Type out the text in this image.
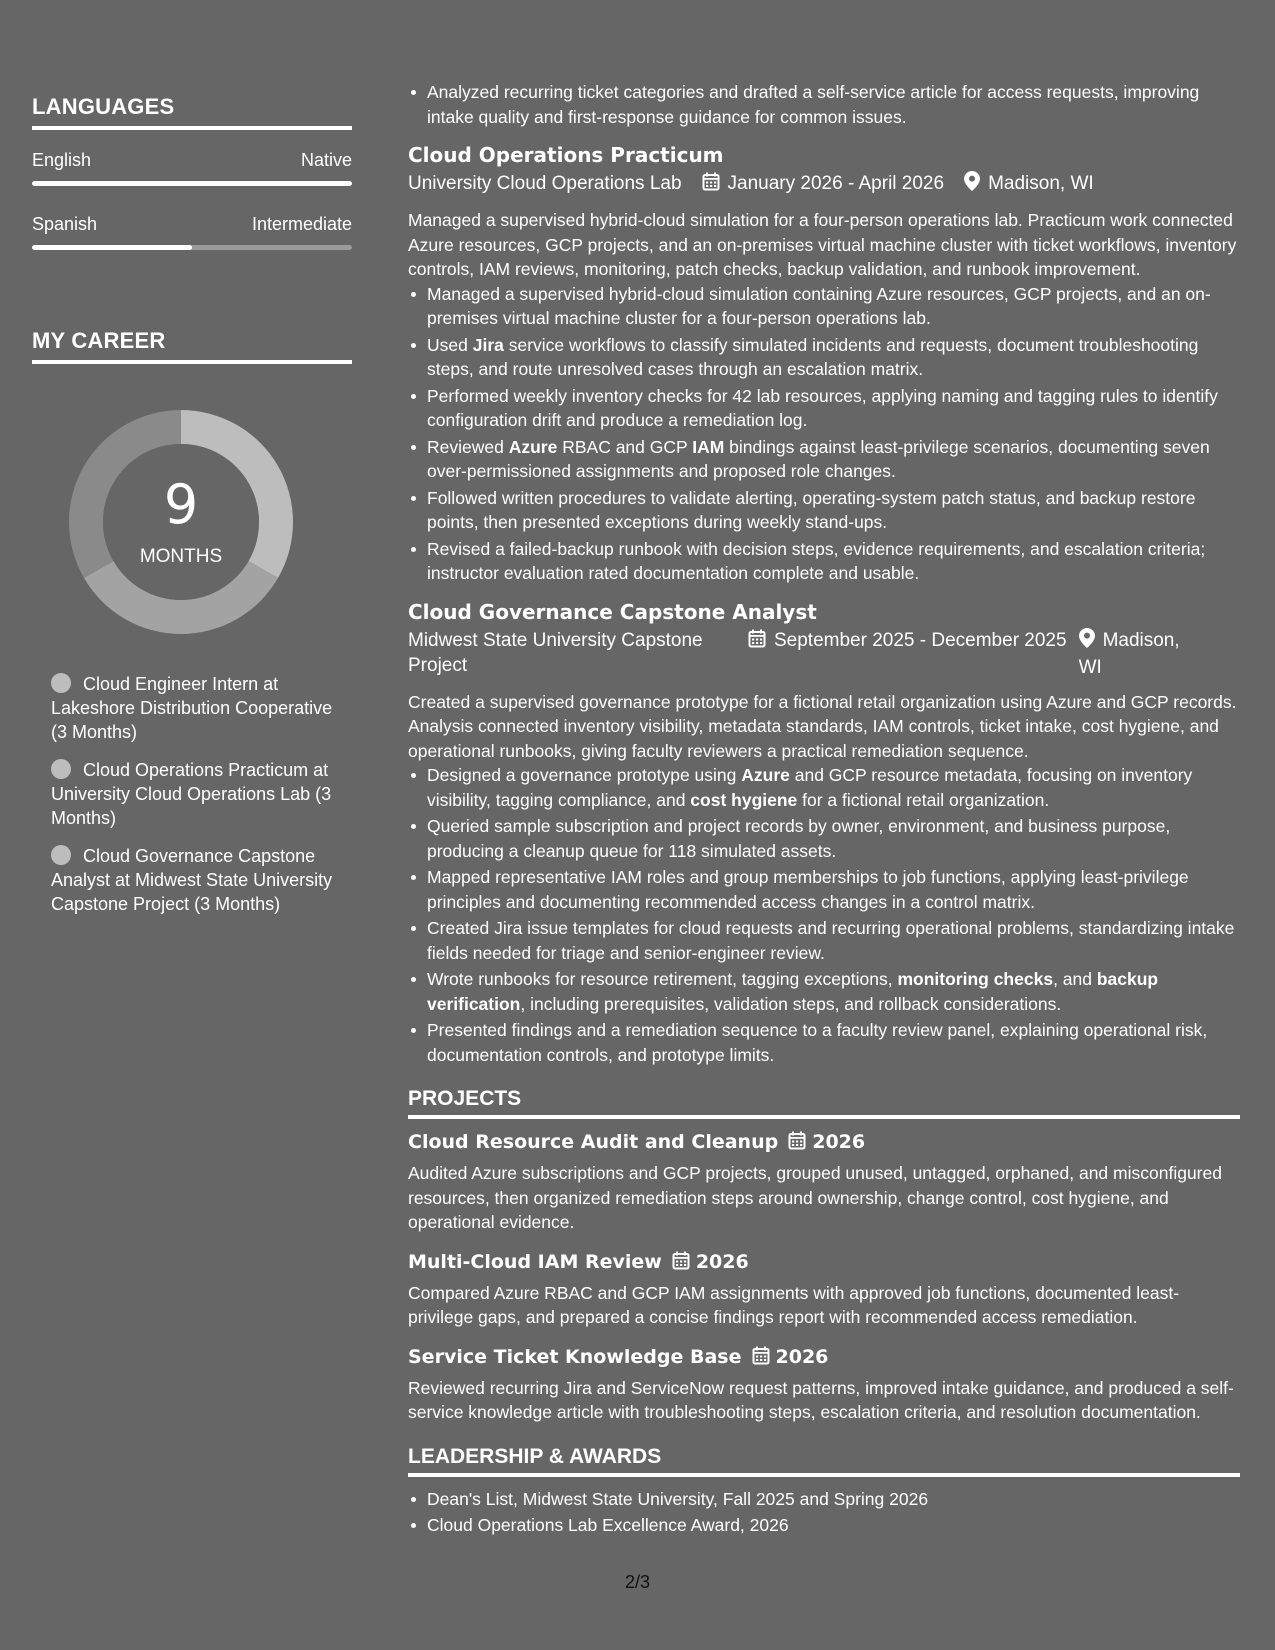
LANGUAGES
English	Native
Spanish	Intermediate
MY CAREER
9
MONTHS
Cloud Engineer Intern at Lakeshore Distribution Cooperative (3 Months)
Cloud Operations Practicum at University Cloud Operations Lab (3 Months)
Cloud Governance Capstone Analyst at Midwest State University Capstone Project (3 Months)
Analyzed recurring ticket categories and drafted a self-service article for access requests, improving intake quality and first-response guidance for common issues.
Cloud Operations Practicum
University Cloud Operations Lab	January 2026 - April 2026	Madison, WI
Managed a supervised hybrid-cloud simulation for a four-person operations lab. Practicum work connected Azure resources, GCP projects, and an on-premises virtual machine cluster with ticket workflows, inventory controls, IAM reviews, monitoring, patch checks, backup validation, and runbook improvement.
Managed a supervised hybrid-cloud simulation containing Azure resources, GCP projects, and an on-premises virtual machine cluster for a four-person operations lab.
Used Jira service workflows to classify simulated incidents and requests, document troubleshooting steps, and route unresolved cases through an escalation matrix.
Performed weekly inventory checks for 42 lab resources, applying naming and tagging rules to identify configuration drift and produce a remediation log.
Reviewed Azure RBAC and GCP IAM bindings against least-privilege scenarios, documenting seven over-permissioned assignments and proposed role changes.
Followed written procedures to validate alerting, operating-system patch status, and backup restore points, then presented exceptions during weekly stand-ups.
Revised a failed-backup runbook with decision steps, evidence requirements, and escalation criteria; instructor evaluation rated documentation complete and usable.
Cloud Governance Capstone Analyst
Midwest State University Capstone Project
September 2025 - December 2025	Madison, WI
Created a supervised governance prototype for a fictional retail organization using Azure and GCP records. Analysis connected inventory visibility, metadata standards, IAM controls, ticket intake, cost hygiene, and operational runbooks, giving faculty reviewers a practical remediation sequence.
Designed a governance prototype using Azure and GCP resource metadata, focusing on inventory visibility, tagging compliance, and cost hygiene for a fictional retail organization.
Queried sample subscription and project records by owner, environment, and business purpose, producing a cleanup queue for 118 simulated assets.
Mapped representative IAM roles and group memberships to job functions, applying least-privilege principles and documenting recommended access changes in a control matrix.
Created Jira issue templates for cloud requests and recurring operational problems, standardizing intake fields needed for triage and senior-engineer review.
Wrote runbooks for resource retirement, tagging exceptions, monitoring checks, and backup verification, including prerequisites, validation steps, and rollback considerations.
Presented findings and a remediation sequence to a faculty review panel, explaining operational risk, documentation controls, and prototype limits.
PROJECTS
Cloud Resource Audit and Cleanup 2026
Audited Azure subscriptions and GCP projects, grouped unused, untagged, orphaned, and misconfigured resources, then organized remediation steps around ownership, change control, cost hygiene, and operational evidence.
Multi-Cloud IAM Review 2026
Compared Azure RBAC and GCP IAM assignments with approved job functions, documented least-privilege gaps, and prepared a concise findings report with recommended access remediation.
Service Ticket Knowledge Base 2026
Reviewed recurring Jira and ServiceNow request patterns, improved intake guidance, and produced a self-service knowledge article with troubleshooting steps, escalation criteria, and resolution documentation.
LEADERSHIP & AWARDS
Dean's List, Midwest State University, Fall 2025 and Spring 2026
Cloud Operations Lab Excellence Award, 2026
2/3
